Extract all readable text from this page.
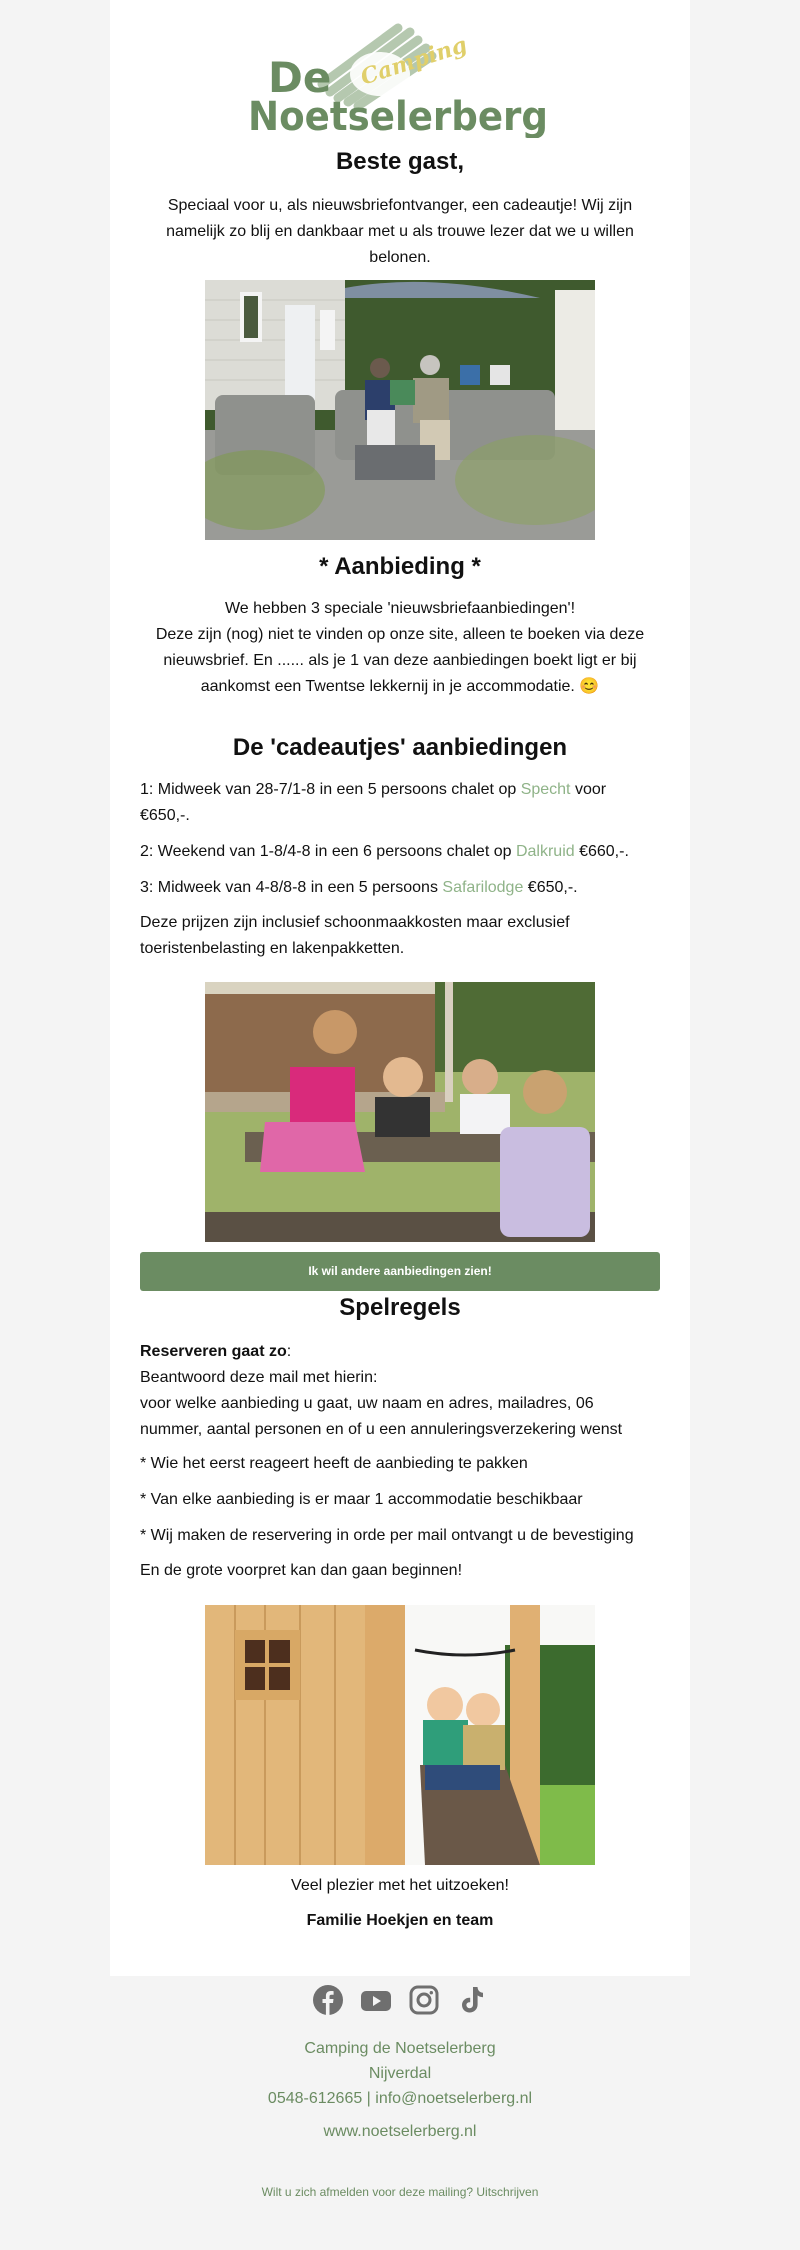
De Camping
Noetselerberg
Beste gast,

Speciaal voor u, als nieuwsbriefontvanger, een cadeautje! Wij zijn namelijk zo blij en dankbaar met u als trouwe lezer dat we u willen belonen.

* Aanbieding *

We hebben 3 speciale 'nieuwsbriefaanbiedingen'!

Deze zijn (nog) niet te vinden op onze site, alleen te boeken via deze nieuwsbrief. En ...... als je 1 van deze aanbiedingen boekt ligt er bij aankomst een Twentse lekkernij in je accommodatie. 😊

De 'cadeautjes' aanbiedingen

1: Midweek van 28-7/1-8 in een 5 persoons chalet op Specht voor €650,-.

2: Weekend van 1-8/4-8 in een 6 persoons chalet op Dalkruid €660,-.

3: Midweek van 4-8/8-8 in een 5 persoons Safarilodge €650,-.

Deze prijzen zijn inclusief schoonmaakkosten maar exclusief toeristenbelasting en lakenpakketten.

Ik wil andere aanbiedingen zien!
Spelregels

Reserveren gaat zo:

Beantwoord deze mail met hierin:

voor welke aanbieding u gaat, uw naam en adres, mailadres, 06 nummer, aantal personen en of u een annuleringsverzekering wenst

* Wie het eerst reageert heeft de aanbieding te pakken

* Van elke aanbieding is er maar 1 accommodatie beschikbaar

* Wij maken de reservering in orde per mail ontvangt u de bevestiging

En de grote voorpret kan dan gaan beginnen!

Veel plezier met het uitzoeken!

Familie Hoekjen en team

Camping de Noetselerberg
Nijverdal
0548-612665 | info@noetselerberg.nl
www.noetselerberg.nl
Wilt u zich afmelden voor deze mailing? Uitschrijven
